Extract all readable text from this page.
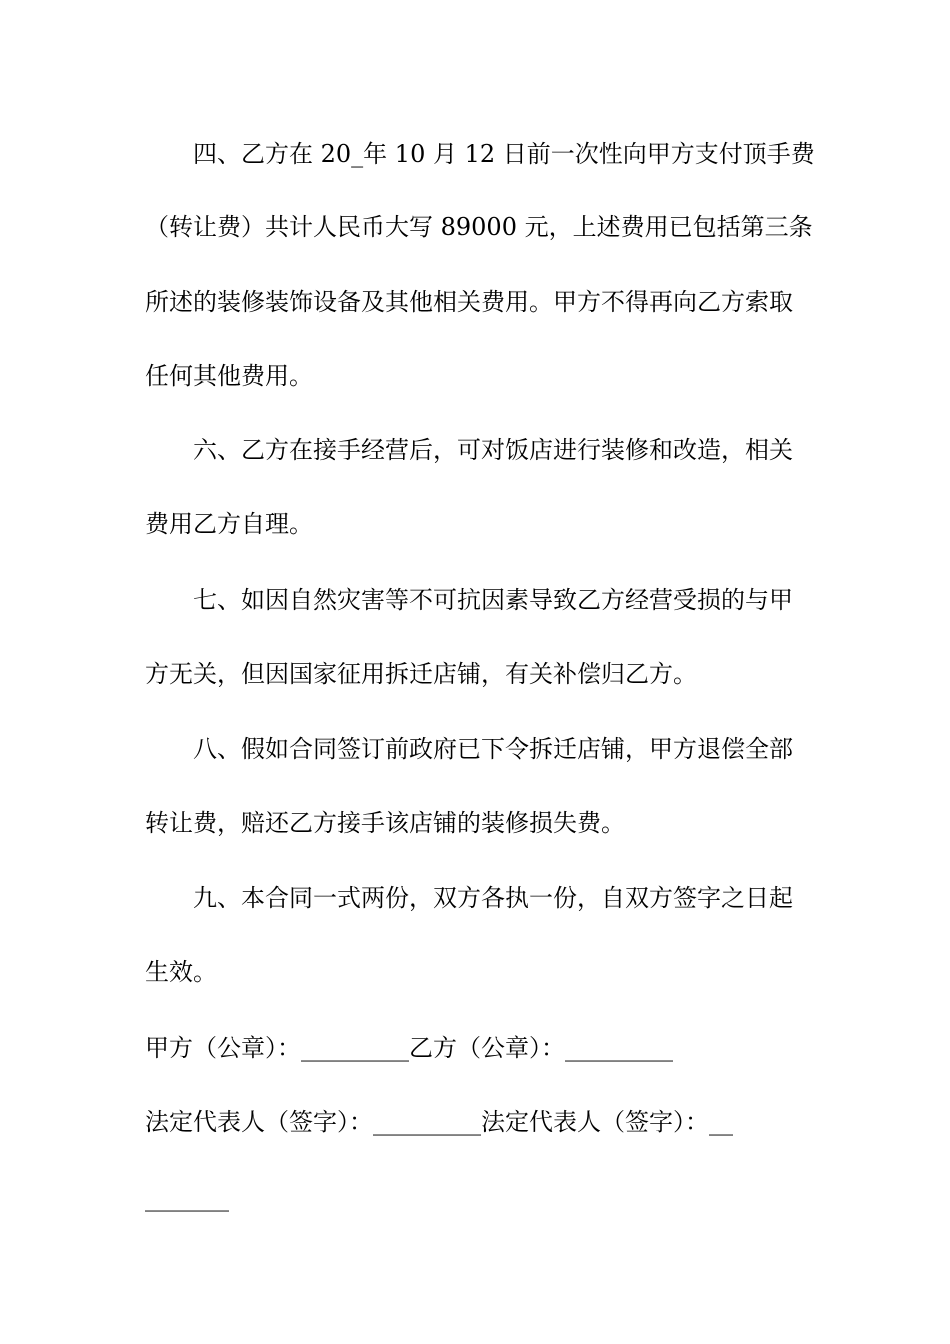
四、乙方在 20_年 10 月 12 日前一次性向甲方支付顶手费
（转让费）共计人民币大写 89000 元，上述费用已包括第三条
所述的装修装饰设备及其他相关费用。甲方不得再向乙方索取
任何其他费用。
六、乙方在接手经营后，可对饭店进行装修和改造，相关
费用乙方自理。
七、如因自然灾害等不可抗因素导致乙方经营受损的与甲
方无关，但因国家征用拆迁店铺，有关补偿归乙方。
八、假如合同签订前政府已下令拆迁店铺，甲方退偿全部
转让费，赔还乙方接手该店铺的装修损失费。
九、本合同一式两份，双方各执一份，自双方签字之日起
生效。
甲方（公章）：_________乙方（公章）：_________
法定代表人（签字）：_________法定代表人（签字）：__
_______
